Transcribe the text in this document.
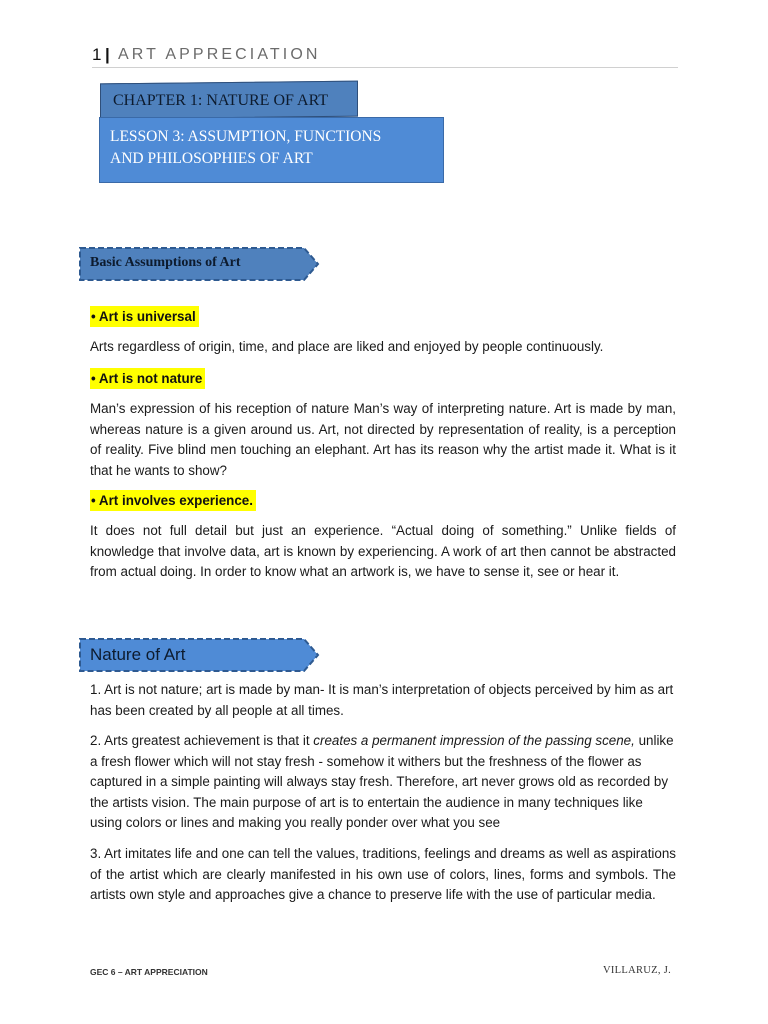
1 | ART APPRECIATION
CHAPTER 1: NATURE OF ART
LESSON 3: ASSUMPTION, FUNCTIONS
AND PHILOSOPHIES OF ART
Basic Assumptions of Art
• Art is universal
Arts regardless of origin, time, and place are liked and enjoyed by people continuously.
• Art is not nature
Man’s expression of his reception of nature Man’s way of interpreting nature. Art is made by man, whereas nature is a given around us. Art, not directed by representation of reality, is a perception of reality. Five blind men touching an elephant. Art has its reason why the artist made it. What is it that he wants to show?
• Art involves experience.
It does not full detail but just an experience. “Actual doing of something.” Unlike fields of knowledge that involve data, art is known by experiencing. A work of art then cannot be abstracted from actual doing. In order to know what an artwork is, we have to sense it, see or hear it.
Nature of Art
1. Art is not nature; art is made by man- It is man’s interpretation of objects perceived by him as art has been created by all people at all times.
2. Arts greatest achievement is that it creates a permanent impression of the passing scene, unlike a fresh flower which will not stay fresh - somehow it withers but the freshness of the flower as captured in a simple painting will always stay fresh. Therefore, art never grows old as recorded by the artists vision. The main purpose of art is to entertain the audience in many techniques like using colors or lines and making you really ponder over what you see
3. Art imitates life and one can tell the values, traditions, feelings and dreams as well as aspirations of the artist which are clearly manifested in his own use of colors, lines, forms and symbols. The artists own style and approaches give a chance to preserve life with the use of particular media.
GEC 6 – ART APPRECIATION	VILLARUZ, J.
